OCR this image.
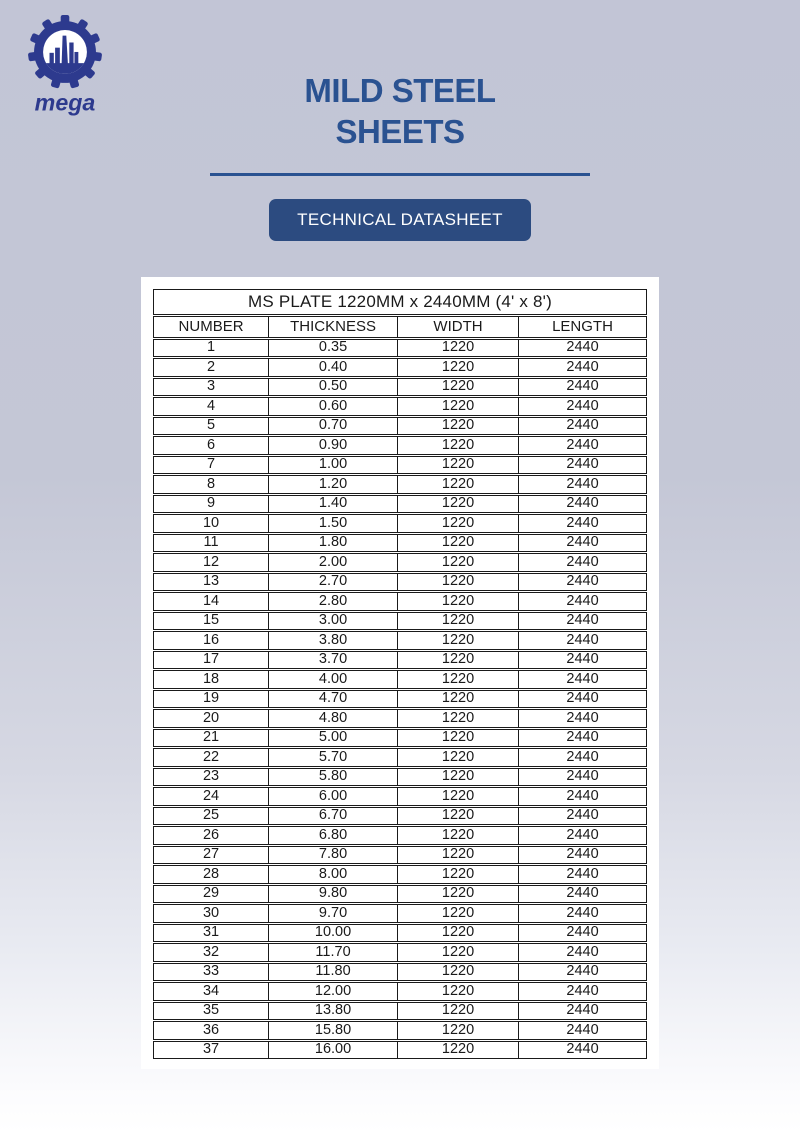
mega	MILD STEEL
SHEETS
TECHNICAL DATASHEET
MS PLATE 1220MM x 2440MM (4' x 8')			
NUMBER	THICKNESS	WIDTH	LENGTH
1	0.35	1220	2440
2	0.40	1220	2440
3	0.50	1220	2440
4	0.60	1220	2440
5	0.70	1220	2440
6	0.90	1220	2440
7	1.00	1220	2440
8	1.20	1220	2440
9	1.40	1220	2440
10	1.50	1220	2440
11	1.80	1220	2440
12	2.00	1220	2440
13	2.70	1220	2440
14	2.80	1220	2440
15	3.00	1220	2440
16	3.80	1220	2440
17	3.70	1220	2440
18	4.00	1220	2440
19	4.70	1220	2440
20	4.80	1220	2440
21	5.00	1220	2440
22	5.70	1220	2440
23	5.80	1220	2440
24	6.00	1220	2440
25	6.70	1220	2440
26	6.80	1220	2440
27	7.80	1220	2440
28	8.00	1220	2440
29	9.80	1220	2440
30	9.70	1220	2440
31	10.00	1220	2440
32	11.70	1220	2440
33	11.80	1220	2440
34	12.00	1220	2440
35	13.80	1220	2440
36	15.80	1220	2440
37	16.00	1220	2440
